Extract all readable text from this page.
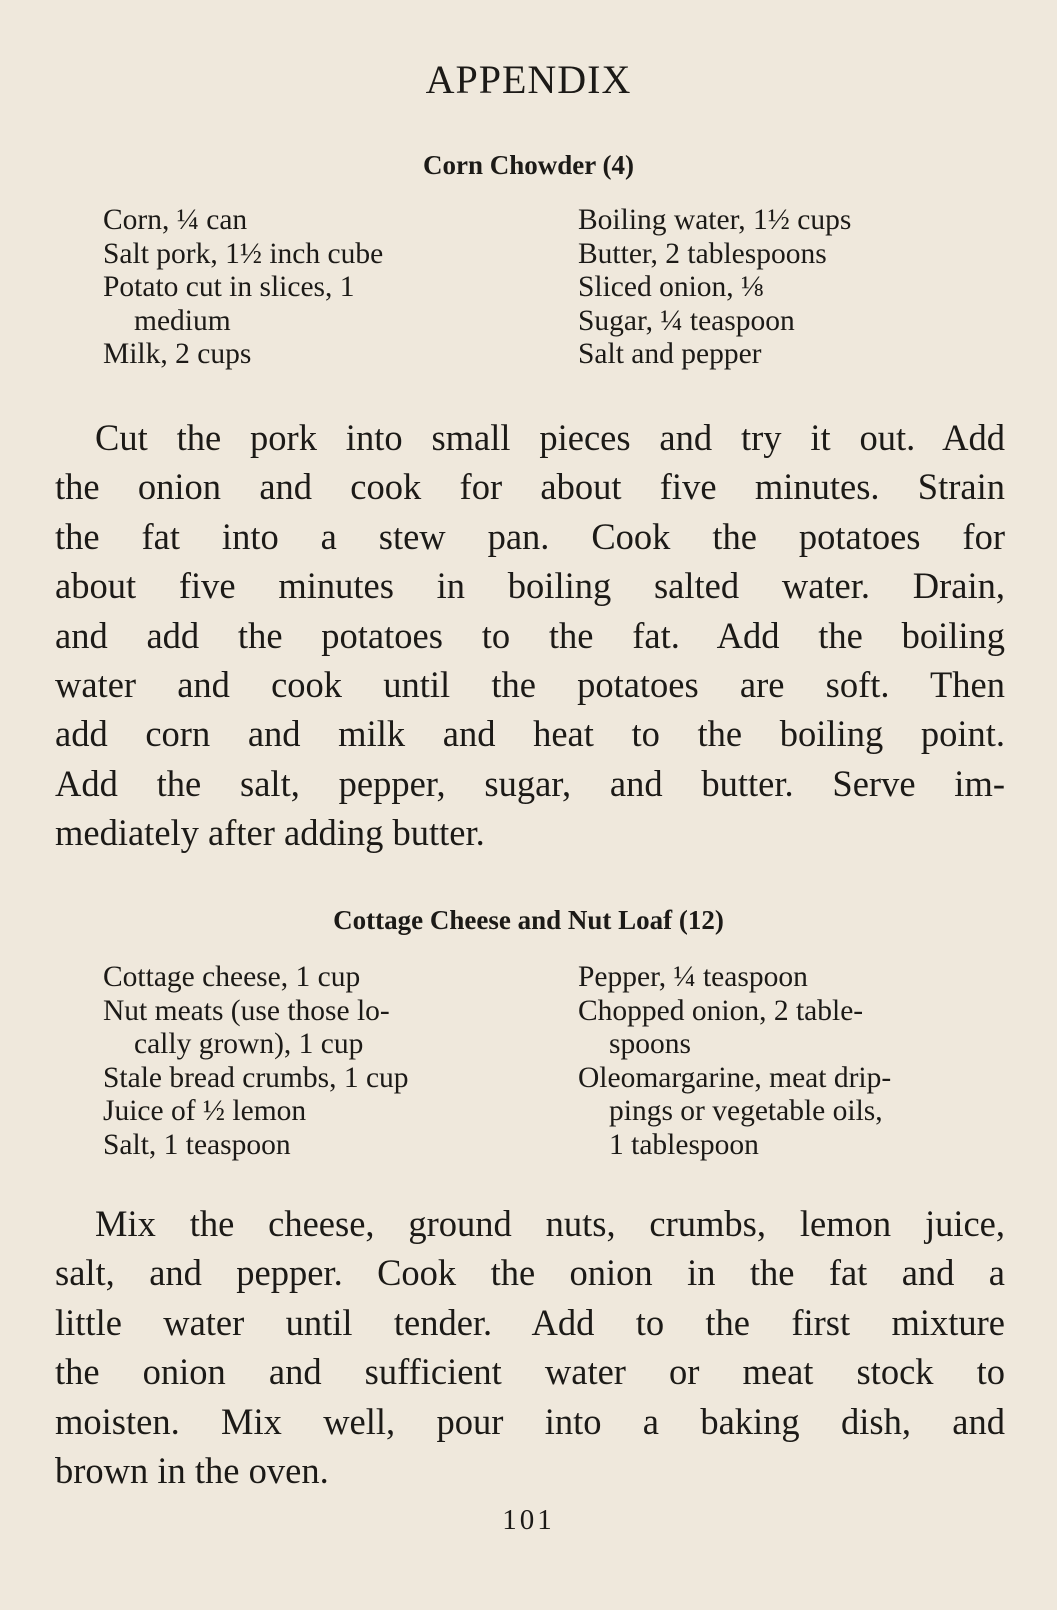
APPENDIX
Corn Chowder (4)
Corn, ¼ can
Salt pork, 1½ inch cube
Potato cut in slices, 1
medium
Milk, 2 cups
Boiling water, 1½ cups
Butter, 2 tablespoons
Sliced onion, ⅛
Sugar, ¼ teaspoon
Salt and pepper
Cut the pork into small pieces and try it out. Add
the onion and cook for about five minutes. Strain
the fat into a stew pan. Cook the potatoes for
about five minutes in boiling salted water. Drain,
and add the potatoes to the fat. Add the boiling
water and cook until the potatoes are soft. Then
add corn and milk and heat to the boiling point.
Add the salt, pepper, sugar, and butter. Serve im-
mediately after adding butter.
Cottage Cheese and Nut Loaf (12)
Cottage cheese, 1 cup
Nut meats (use those lo-
cally grown), 1 cup
Stale bread crumbs, 1 cup
Juice of ½ lemon
Salt, 1 teaspoon
Pepper, ¼ teaspoon
Chopped onion, 2 table-
spoons
Oleomargarine, meat drip-
pings or vegetable oils,
1 tablespoon
Mix the cheese, ground nuts, crumbs, lemon juice,
salt, and pepper. Cook the onion in the fat and a
little water until tender. Add to the first mixture
the onion and sufficient water or meat stock to
moisten. Mix well, pour into a baking dish, and
brown in the oven.
101
